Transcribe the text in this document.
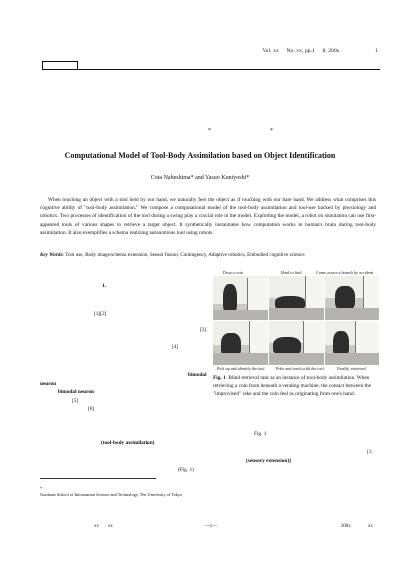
Vol. xx No. xx, pp.1 8, 200x	1
*	*
Computational Model of Tool-Body Assimilation based on Object Identification
Cota Nabeshima* and Yasuo Kuniyoshi*
When touching an object with a tool held by our hand, we naturally feel the object as if touching with our bare hand. We address what comprises this cognitive ability of "tool-body assimilation." We compose a computational model of the tool-body assimilation and tool-use backed by physiology and robotics. Two processes of identification of the tool during a swing play a crucial role in the model. Exploiting the model, a robot on simulation can use first-appeared tools of various shapes to retrieve a target object. It synthetically instantiates how computation works in human's brain during tool-body assimilation. It also exemplifies a schema realizing autonomous tool using robots.
Key Words: Tool use, Body image/schema extension, Sensor fusion, Contingency, Adaptive robotics, Embodied cognitive science
1.
[1][2]
[3]
[4]
bimodal
neuron
bimodal neuron
[5]
[6]
(tool-body assimilation)
(Fig. 1)
Drop a coin	Hard to find	Come across a branch by accident
Pick up and identify the tool	Poke and reach with the tool	Finally, retrieved
Fig. 1 Blind retrieval task as an instance of tool-body assimilation. When retrieving a coin from beneath a vending machine, the contact between the "improvised" rake and the coin feel as originating from one's hand.
Fig. 1
[1:
(sensory extension)]
*
Graduate School of Information Science and Technology, The University of Tokyo
xx xx	—1—	200x	xx
